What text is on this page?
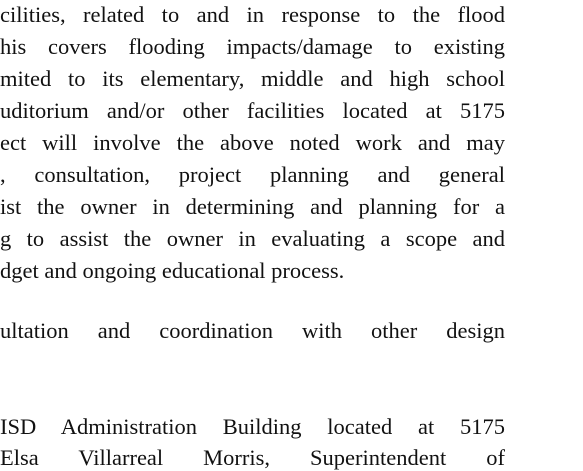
cilities, related to and in response to the flood
his covers flooding impacts/damage to existing
mited to its elementary, middle and high school
uditorium and/or other facilities located at 5175
ect will involve the above noted work and may
, consultation, project planning and general
ist the owner in determining and planning for a
g to assist the owner in evaluating a scope and
dget and ongoing educational process.
ultation and coordination with other design
ISD Administration Building located at 5175
Elsa Villarreal Morris, Superintendent of
